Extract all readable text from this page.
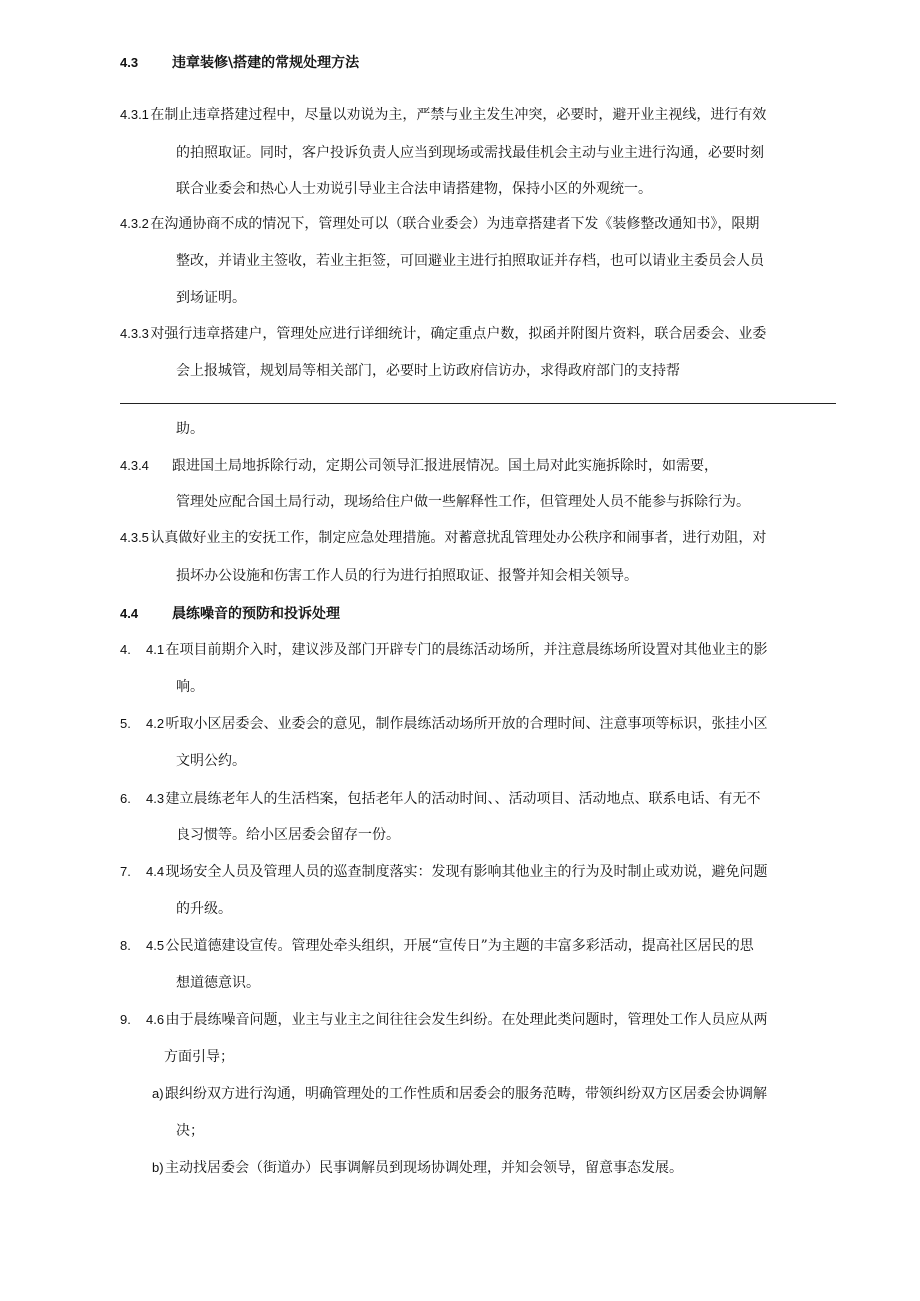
4.3 违章装修\搭建的常规处理方法
4.3.1 在制止违章搭建过程中，尽量以劝说为主，严禁与业主发生冲突，必要时，避开业主视线，进行有效
的拍照取证。同时，客户投诉负责人应当到现场或需找最佳机会主动与业主进行沟通，必要时刻
联合业委会和热心人士劝说引导业主合法申请搭建物，保持小区的外观统一。
4.3.2 在沟通协商不成的情况下，管理处可以（联合业委会）为违章搭建者下发《装修整改通知书》，限期
整改，并请业主签收，若业主拒签，可回避业主进行拍照取证并存档，也可以请业主委员会人员
到场证明。
4.3.3 对强行违章搭建户，管理处应进行详细统计，确定重点户数，拟函并附图片资料，联合居委会、业委
会上报城管，规划局等相关部门，必要时上访政府信访办，求得政府部门的支持帮
助。
4.3.4 跟进国土局地拆除行动，定期公司领导汇报进展情况。国土局对此实施拆除时，如需要，
管理处应配合国土局行动，现场给住户做一些解释性工作，但管理处人员不能参与拆除行为。
4.3.5 认真做好业主的安抚工作，制定应急处理措施。对蓄意扰乱管理处办公秩序和闹事者，进行劝阻，对
损坏办公设施和伤害工作人员的行为进行拍照取证、报警并知会相关领导。
4.4 晨练噪音的预防和投诉处理
4. 4.1 在项目前期介入时，建议涉及部门开辟专门的晨练活动场所，并注意晨练场所设置对其他业主的影
响。
5. 4.2 听取小区居委会、业委会的意见，制作晨练活动场所开放的合理时间、注意事项等标识，张挂小区
文明公约。
6. 4.3 建立晨练老年人的生活档案，包括老年人的活动时间、、活动项目、活动地点、联系电话、有无不
良习惯等。给小区居委会留存一份。
7. 4.4 现场安全人员及管理人员的巡查制度落实：发现有影响其他业主的行为及时制止或劝说，避免问题
的升级。
8. 4.5 公民道德建设宣传。管理处牵头组织，开展“宣传日”为主题的丰富多彩活动，提高社区居民的思
想道德意识。
9. 4.6 由于晨练噪音问题，业主与业主之间往往会发生纠纷。在处理此类问题时，管理处工作人员应从两
方面引导；
a) 跟纠纷双方进行沟通，明确管理处的工作性质和居委会的服务范畴，带领纠纷双方区居委会协调解
决；
b) 主动找居委会（街道办）民事调解员到现场协调处理，并知会领导，留意事态发展。
